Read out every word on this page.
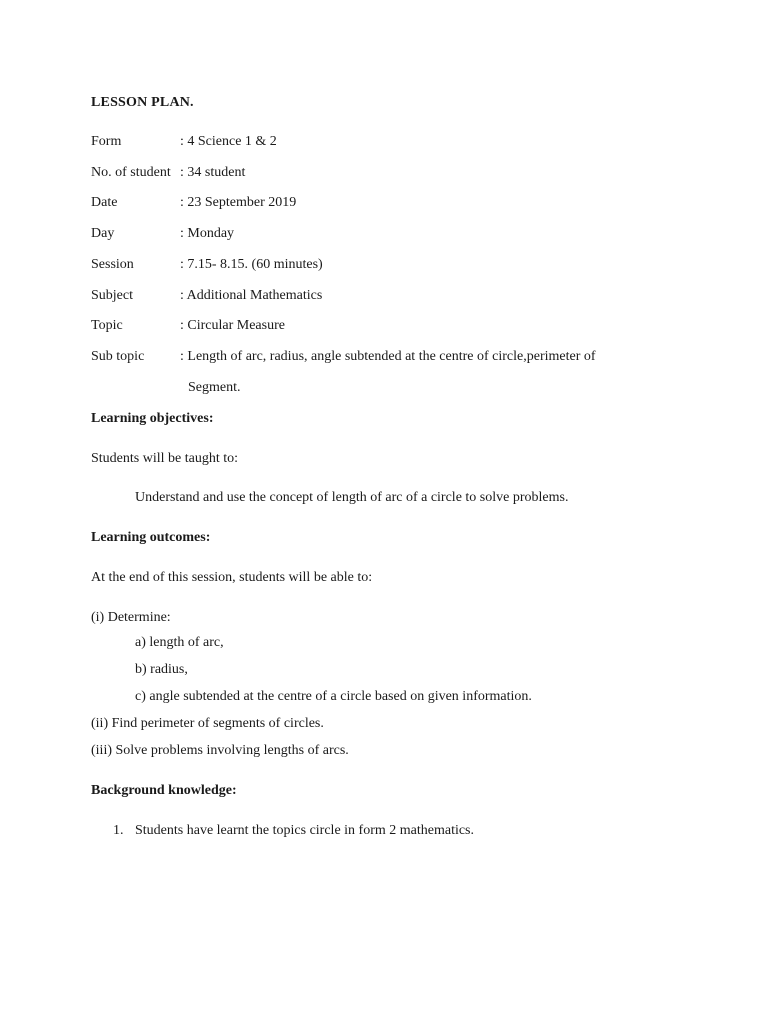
LESSON PLAN.
Form	: 4 Science 1 & 2
No. of student : 34 student
Date	: 23 September 2019
Day	: Monday
Session	: 7.15- 8.15. (60 minutes)
Subject	: Additional Mathematics
Topic	: Circular Measure
Sub topic	: Length of arc, radius, angle subtended at the centre of circle,perimeter of
Segment.
Learning objectives:
Students will be taught to:
Understand and use the concept of length of arc of a circle to solve problems.
Learning outcomes:
At the end of this session, students will be able to:
(i) Determine:
a) length of arc,
b) radius,
c) angle subtended at the centre of a circle based on given information.
(ii) Find perimeter of segments of circles.
(iii) Solve problems involving lengths of arcs.
Background knowledge:
1. Students have learnt the topics circle in form 2 mathematics.
